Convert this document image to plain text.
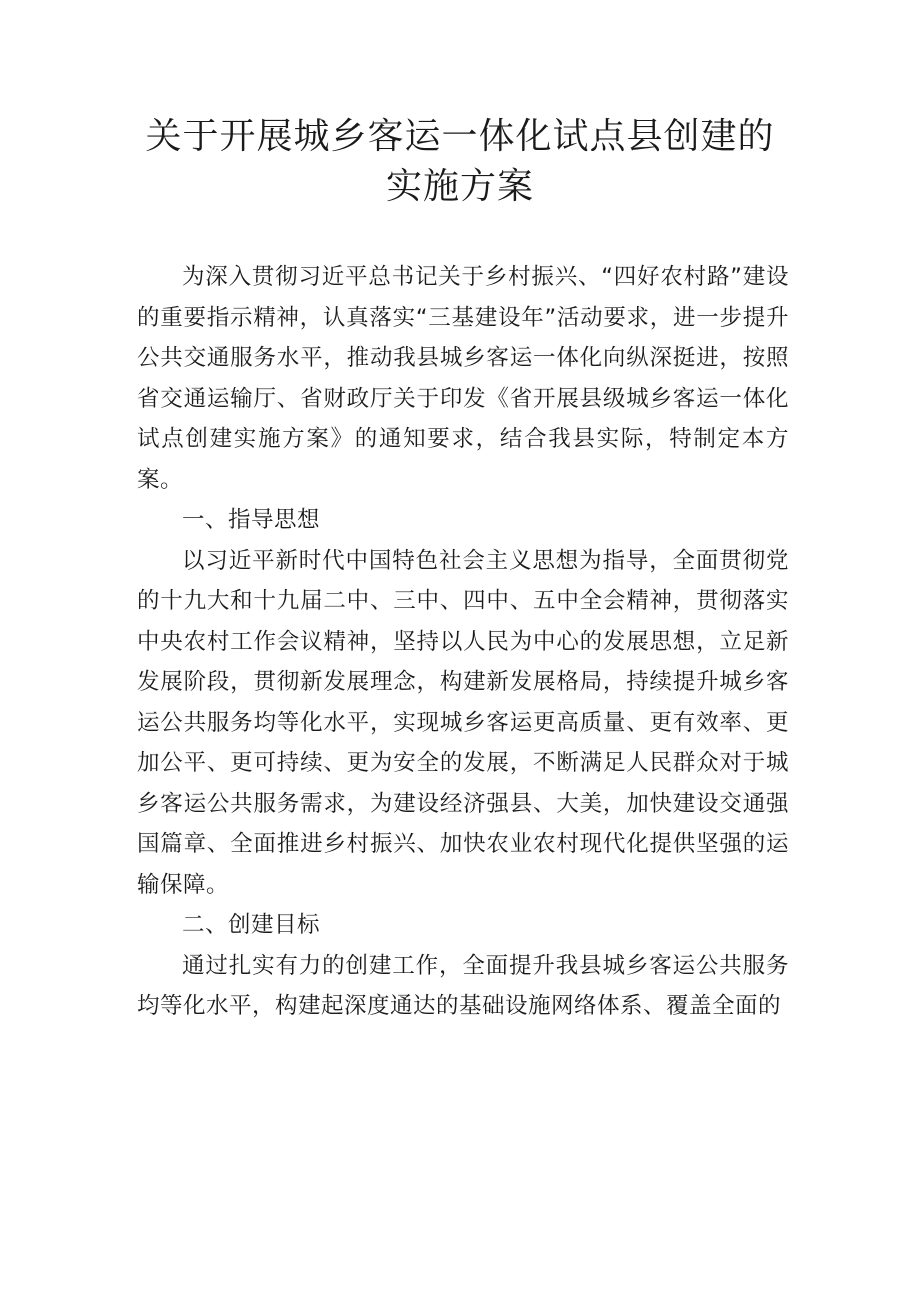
关于开展城乡客运一体化试点县创建的实施方案

为深入贯彻习近平总书记关于乡村振兴、“四好农村路”建设的重要指示精神，认真落实“三基建设年”活动要求，进一步提升公共交通服务水平，推动我县城乡客运一体化向纵深挺进，按照省交通运输厅、省财政厅关于印发《省开展县级城乡客运一体化试点创建实施方案》的通知要求，结合我县实际，特制定本方案。

一、指导思想

以习近平新时代中国特色社会主义思想为指导，全面贯彻党的十九大和十九届二中、三中、四中、五中全会精神，贯彻落实中央农村工作会议精神，坚持以人民为中心的发展思想，立足新发展阶段，贯彻新发展理念，构建新发展格局，持续提升城乡客运公共服务均等化水平，实现城乡客运更高质量、更有效率、更加公平、更可持续、更为安全的发展，不断满足人民群众对于城乡客运公共服务需求，为建设经济强县、大美，加快建设交通强国篇章、全面推进乡村振兴、加快农业农村现代化提供坚强的运输保障。

二、创建目标

通过扎实有力的创建工作，全面提升我县城乡客运公共服务均等化水平，构建起深度通达的基础设施网络体系、覆盖全面的
